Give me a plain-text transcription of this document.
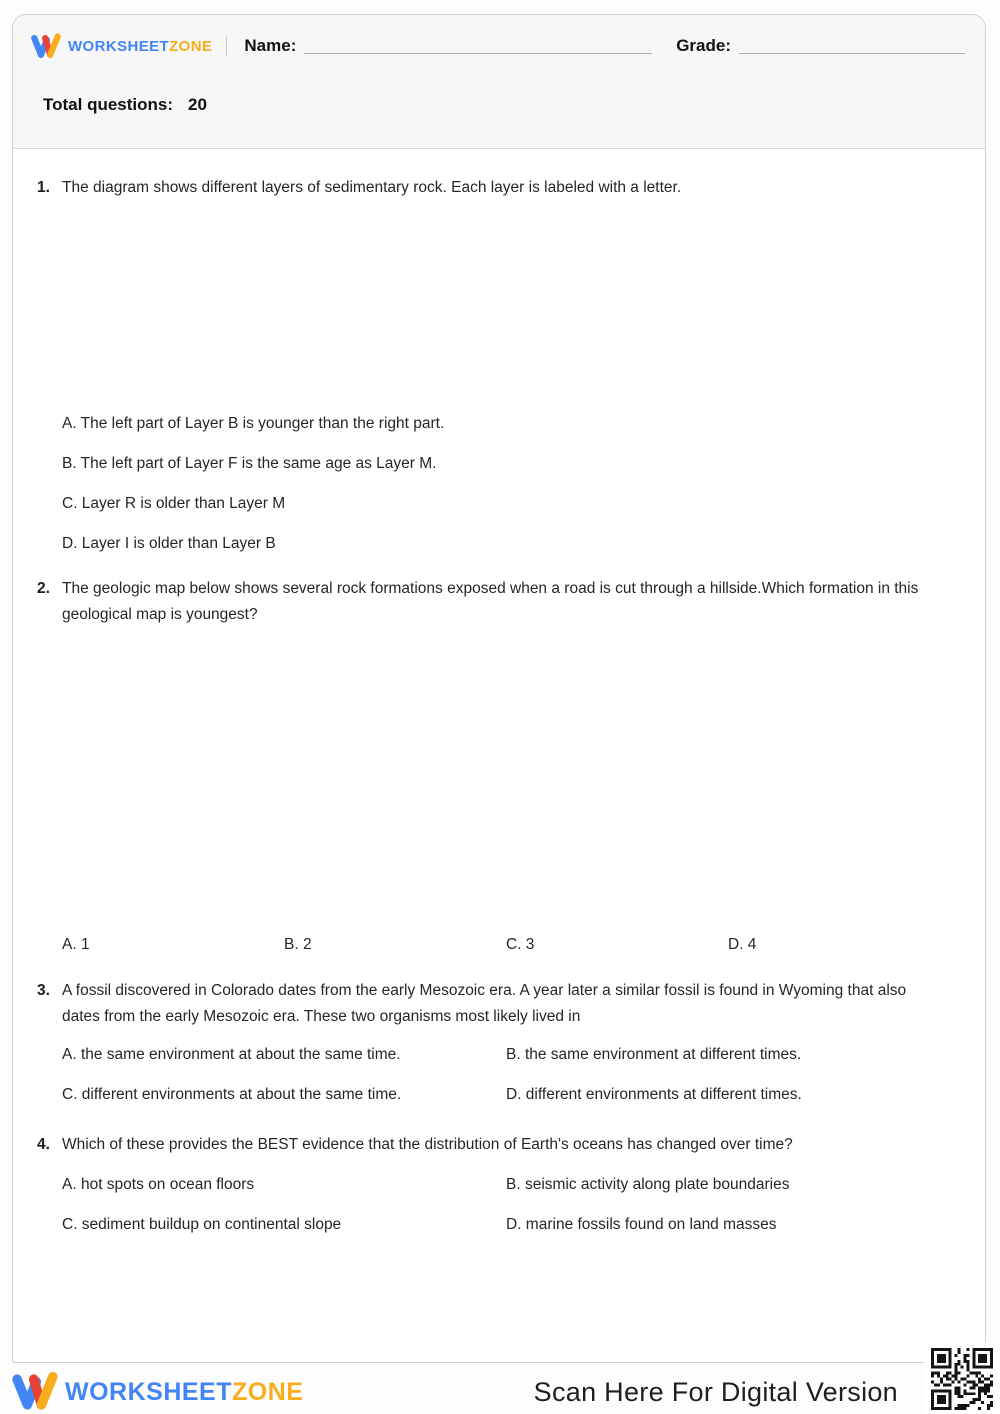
WORKSHEETZONE Name:	Grade:
Total questions: 20
1. The diagram shows different layers of sedimentary rock. Each layer is labeled with a letter.
A. The left part of Layer B is younger than the right part.
B. The left part of Layer F is the same age as Layer M.
C. Layer R is older than Layer M
D. Layer I is older than Layer B
2. The geologic map below shows several rock formations exposed when a road is cut through a hillside.Which formation in this geological map is youngest?
A. 1	B. 2	C. 3	D. 4
3. A fossil discovered in Colorado dates from the early Mesozoic era. A year later a similar fossil is found in Wyoming that also dates from the early Mesozoic era. These two organisms most likely lived in
A. the same environment at about the same time.	B. the same environment at different times.
C. different environments at about the same time.	D. different environments at different times.
4. Which of these provides the BEST evidence that the distribution of Earth's oceans has changed over time?
A. hot spots on ocean floors	B. seismic activity along plate boundaries
C. sediment buildup on continental slope	D. marine fossils found on land masses
WORKSHEETZONE	Scan Here For Digital Version
